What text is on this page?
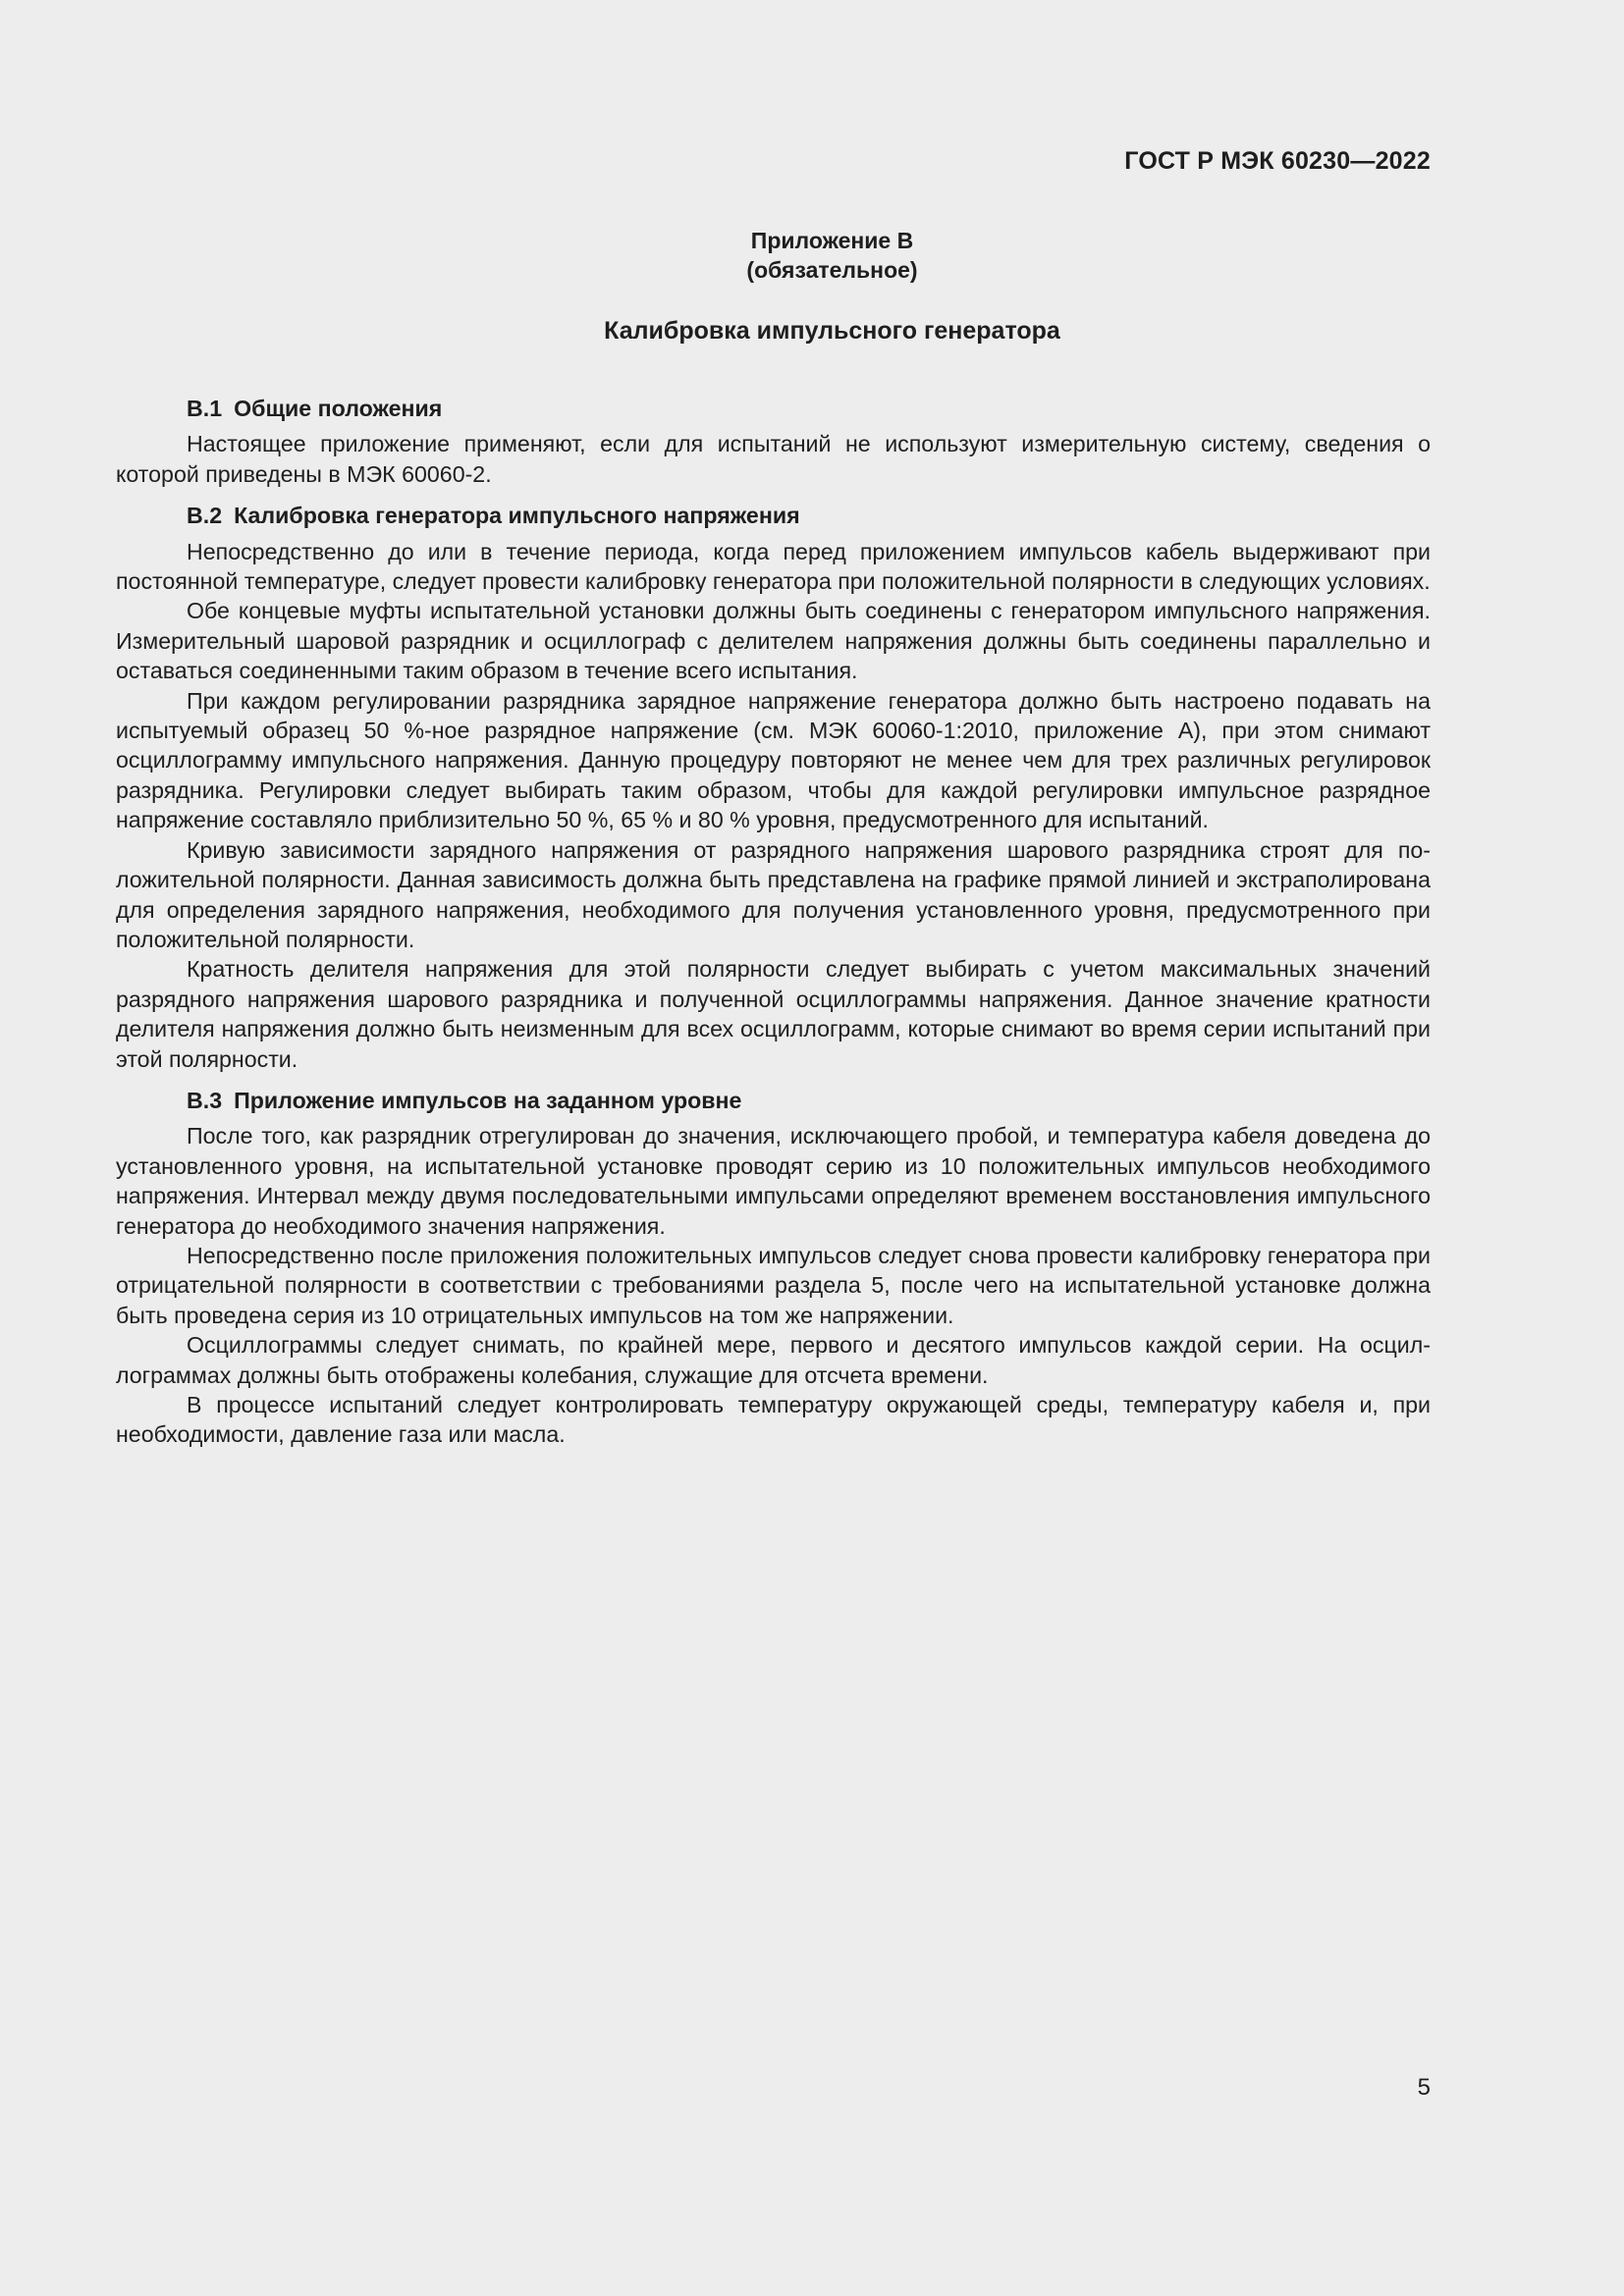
ГОСТ Р МЭК 60230—2022
Приложение В
(обязательное)
Калибровка импульсного генератора
В.1 Общие положения

Настоящее приложение применяют, если для испытаний не используют измерительную систему, сведения о которой приведены в МЭК 60060-2.

В.2 Калибровка генератора импульсного напряжения

Непосредственно до или в течение периода, когда перед приложением импульсов кабель выдерживают при постоянной температуре, следует провести калибровку генератора при положительной полярности в следующих условиях.

Обе концевые муфты испытательной установки должны быть соединены с генератором импульсного напряжения. Измерительный шаровой разрядник и осциллограф с делителем напряжения должны быть соединены параллельно и оставаться соединенными таким образом в течение всего испытания.

При каждом регулировании разрядника зарядное напряжение генератора должно быть настроено подавать на испытуемый образец 50 %-ное разрядное напряжение (см. МЭК 60060-1:2010, приложение А), при этом снимают осциллограмму импульсного напряжения. Данную процедуру повторяют не менее чем для трех различных регулировок разрядника. Регулировки следует выбирать таким образом, чтобы для каждой регулировки импульсное разрядное напряжение составляло приблизительно 50 %, 65 % и 80 % уровня, предусмотренного для испытаний.

Кривую зависимости зарядного напряжения от разрядного напряжения шарового разрядника строят для положительной полярности. Данная зависимость должна быть представлена на графике прямой линией и экстраполирована для определения зарядного напряжения, необходимого для получения установленного уровня, предусмотренного при положительной полярности.

Кратность делителя напряжения для этой полярности следует выбирать с учетом максимальных значений разрядного напряжения шарового разрядника и полученной осциллограммы напряжения. Данное значение кратности делителя напряжения должно быть неизменным для всех осциллограмм, которые снимают во время серии испытаний при этой полярности.

В.3 Приложение импульсов на заданном уровне

После того, как разрядник отрегулирован до значения, исключающего пробой, и температура кабеля доведена до установленного уровня, на испытательной установке проводят серию из 10 положительных импульсов необходимого напряжения. Интервал между двумя последовательными импульсами определяют временем восстановления импульсного генератора до необходимого значения напряжения.

Непосредственно после приложения положительных импульсов следует снова провести калибровку генератора при отрицательной полярности в соответствии с требованиями раздела 5, после чего на испытательной установке должна быть проведена серия из 10 отрицательных импульсов на том же напряжении.

Осциллограммы следует снимать, по крайней мере, первого и десятого импульсов каждой серии. На осциллограммах должны быть отображены колебания, служащие для отсчета времени.

В процессе испытаний следует контролировать температуру окружающей среды, температуру кабеля и, при необходимости, давление газа или масла.

5
